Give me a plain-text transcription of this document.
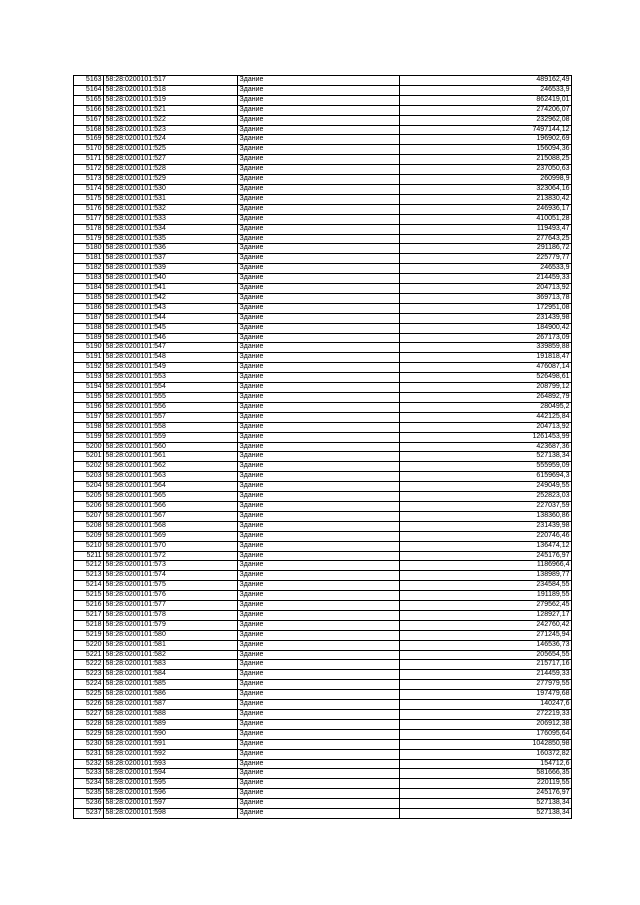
5163	58:28:0200101:517	Здание	489162,49
5164	58:28:0200101:518	Здание	246533,9
5165	58:28:0200101:519	Здание	862419,01
5166	58:28:0200101:521	Здание	274206,07
5167	58:28:0200101:522	Здание	232962,08
5168	58:28:0200101:523	Здание	7497144,12
5169	58:28:0200101:524	Здание	196902,69
5170	58:28:0200101:525	Здание	156094,36
5171	58:28:0200101:527	Здание	215088,25
5172	58:28:0200101:528	Здание	237050,63
5173	58:28:0200101:529	Здание	260998,9
5174	58:28:0200101:530	Здание	323064,16
5175	58:28:0200101:531	Здание	213830,42
5176	58:28:0200101:532	Здание	246936,17
5177	58:28:0200101:533	Здание	410051,28
5178	58:28:0200101:534	Здание	119493,47
5179	58:28:0200101:535	Здание	277643,25
5180	58:28:0200101:536	Здание	291186,72
5181	58:28:0200101:537	Здание	225779,77
5182	58:28:0200101:539	Здание	246533,9
5183	58:28:0200101:540	Здание	214459,33
5184	58:28:0200101:541	Здание	204713,92
5185	58:28:0200101:542	Здание	369713,78
5186	58:28:0200101:543	Здание	172951,08
5187	58:28:0200101:544	Здание	231439,98
5188	58:28:0200101:545	Здание	184900,42
5189	58:28:0200101:546	Здание	267173,09
5190	58:28:0200101:547	Здание	339859,88
5191	58:28:0200101:548	Здание	191818,47
5192	58:28:0200101:549	Здание	476087,14
5193	58:28:0200101:553	Здание	526498,61
5194	58:28:0200101:554	Здание	208799,12
5195	58:28:0200101:555	Здание	264892,79
5196	58:28:0200101:556	Здание	280495,2
5197	58:28:0200101:557	Здание	442125,84
5198	58:28:0200101:558	Здание	204713,92
5199	58:28:0200101:559	Здание	1261453,99
5200	58:28:0200101:560	Здание	423687,36
5201	58:28:0200101:561	Здание	527138,34
5202	58:28:0200101:562	Здание	555959,09
5203	58:28:0200101:563	Здание	6159694,3
5204	58:28:0200101:564	Здание	249049,55
5205	58:28:0200101:565	Здание	252823,03
5206	58:28:0200101:566	Здание	227037,59
5207	58:28:0200101:567	Здание	138360,86
5208	58:28:0200101:568	Здание	231439,98
5209	58:28:0200101:569	Здание	220746,46
5210	58:28:0200101:570	Здание	136474,12
5211	58:28:0200101:572	Здание	245176,97
5212	58:28:0200101:573	Здание	1186966,4
5213	58:28:0200101:574	Здание	138989,77
5214	58:28:0200101:575	Здание	234584,55
5215	58:28:0200101:576	Здание	191189,55
5216	58:28:0200101:577	Здание	279562,45
5217	58:28:0200101:578	Здание	128927,17
5218	58:28:0200101:579	Здание	242760,42
5219	58:28:0200101:580	Здание	271245,94
5220	58:28:0200101:581	Здание	146536,73
5221	58:28:0200101:582	Здание	205654,55
5222	58:28:0200101:583	Здание	215717,16
5223	58:28:0200101:584	Здание	214459,33
5224	58:28:0200101:585	Здание	277979,55
5225	58:28:0200101:586	Здание	197479,68
5226	58:28:0200101:587	Здание	140247,6
5227	58:28:0200101:588	Здание	272219,33
5228	58:28:0200101:589	Здание	206912,38
5229	58:28:0200101:590	Здание	176095,64
5230	58:28:0200101:591	Здание	1042850,98
5231	58:28:0200101:592	Здание	160372,82
5232	58:28:0200101:593	Здание	154712,6
5233	58:28:0200101:594	Здание	581666,35
5234	58:28:0200101:595	Здание	220119,55
5235	58:28:0200101:596	Здание	245176,97
5236	58:28:0200101:597	Здание	527138,34
5237	58:28:0200101:598	Здание	527138,34
